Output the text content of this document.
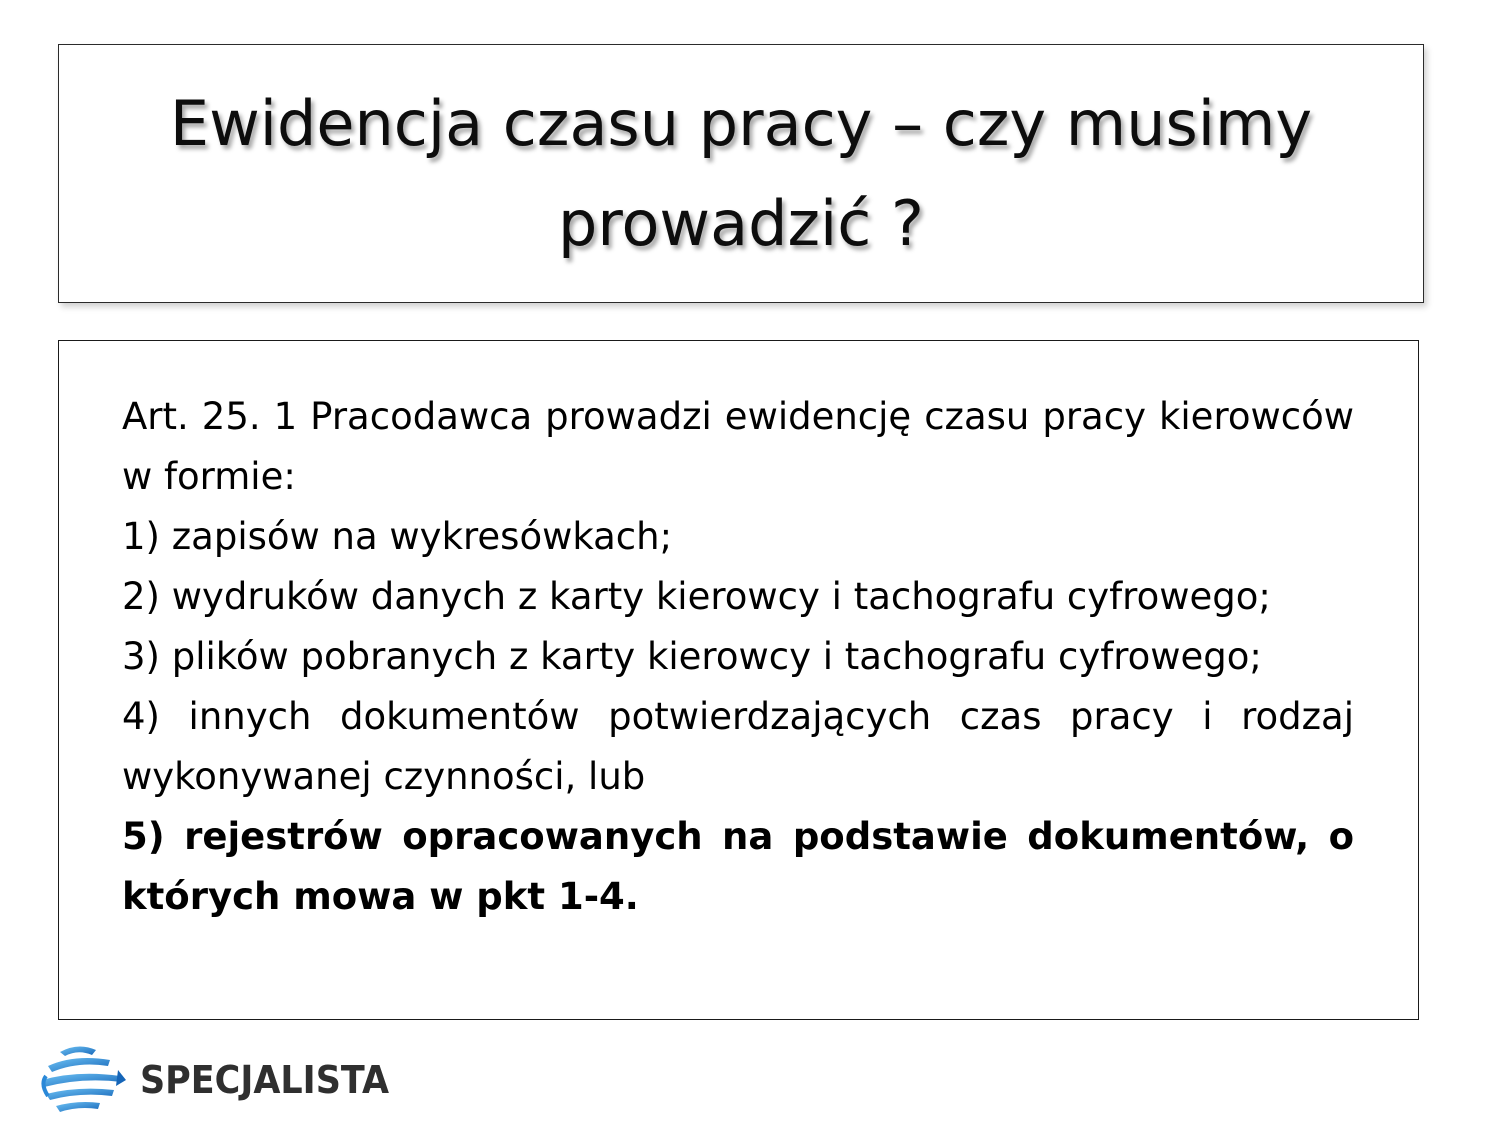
Ewidencja czasu pracy – czy musimy prowadzić ?

Art. 25. 1 Pracodawca prowadzi ewidencję czasu pracy kierowców w formie:

1) zapisów na wykresówkach;

2) wydruków danych z karty kierowcy i tachografu cyfrowego;

3) plików pobranych z karty kierowcy i tachografu cyfrowego;

4) innych dokumentów potwierdzających czas pracy i rodzaj wykonywanej czynności, lub

5) rejestrów opracowanych na podstawie dokumentów, o których mowa w pkt 1-4.

SPECJALISTA
